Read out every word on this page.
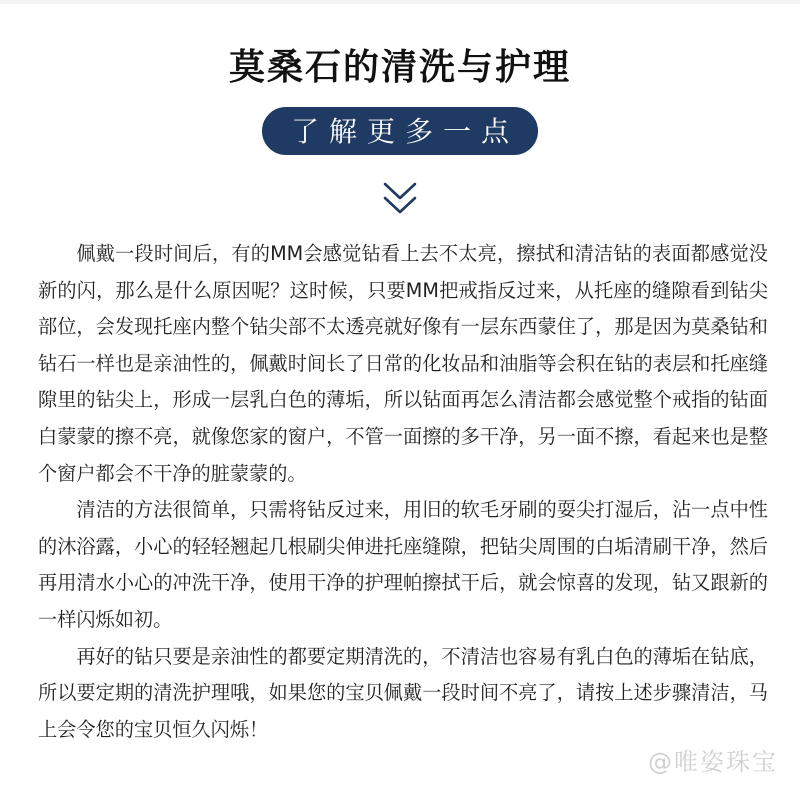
莫桑石的清洗与护理
了解更多一点

佩戴一段时间后，有的MM会感觉钻看上去不太亮，擦拭和清洁钻的表面都感觉没新的闪，那么是什么原因呢？这时候，只要MM把戒指反过来，从托座的缝隙看到钻尖部位，会发现托座内整个钻尖部不太透亮就好像有一层东西蒙住了，那是因为莫桑钻和钻石一样也是亲油性的，佩戴时间长了日常的化妆品和油脂等会积在钻的表层和托座缝隙里的钻尖上，形成一层乳白色的薄垢，所以钻面再怎么清洁都会感觉整个戒指的钻面白蒙蒙的擦不亮，就像您家的窗户，不管一面擦的多干净，另一面不擦，看起来也是整个窗户都会不干净的脏蒙蒙的。

清洁的方法很简单，只需将钻反过来，用旧的软毛牙刷的耍尖打湿后，沾一点中性的沐浴露，小心的轻轻翘起几根刷尖伸进托座缝隙，把钻尖周围的白垢清刷干净，然后再用清水小心的冲洗干净，使用干净的护理帕擦拭干后，就会惊喜的发现，钻又跟新的一样闪烁如初。

再好的钻只要是亲油性的都要定期清洗的，不清洁也容易有乳白色的薄垢在钻底，所以要定期的清洗护理哦，如果您的宝贝佩戴一段时间不亮了，请按上述步骤清洁，马上会令您的宝贝恒久闪烁！

@唯姿珠宝
